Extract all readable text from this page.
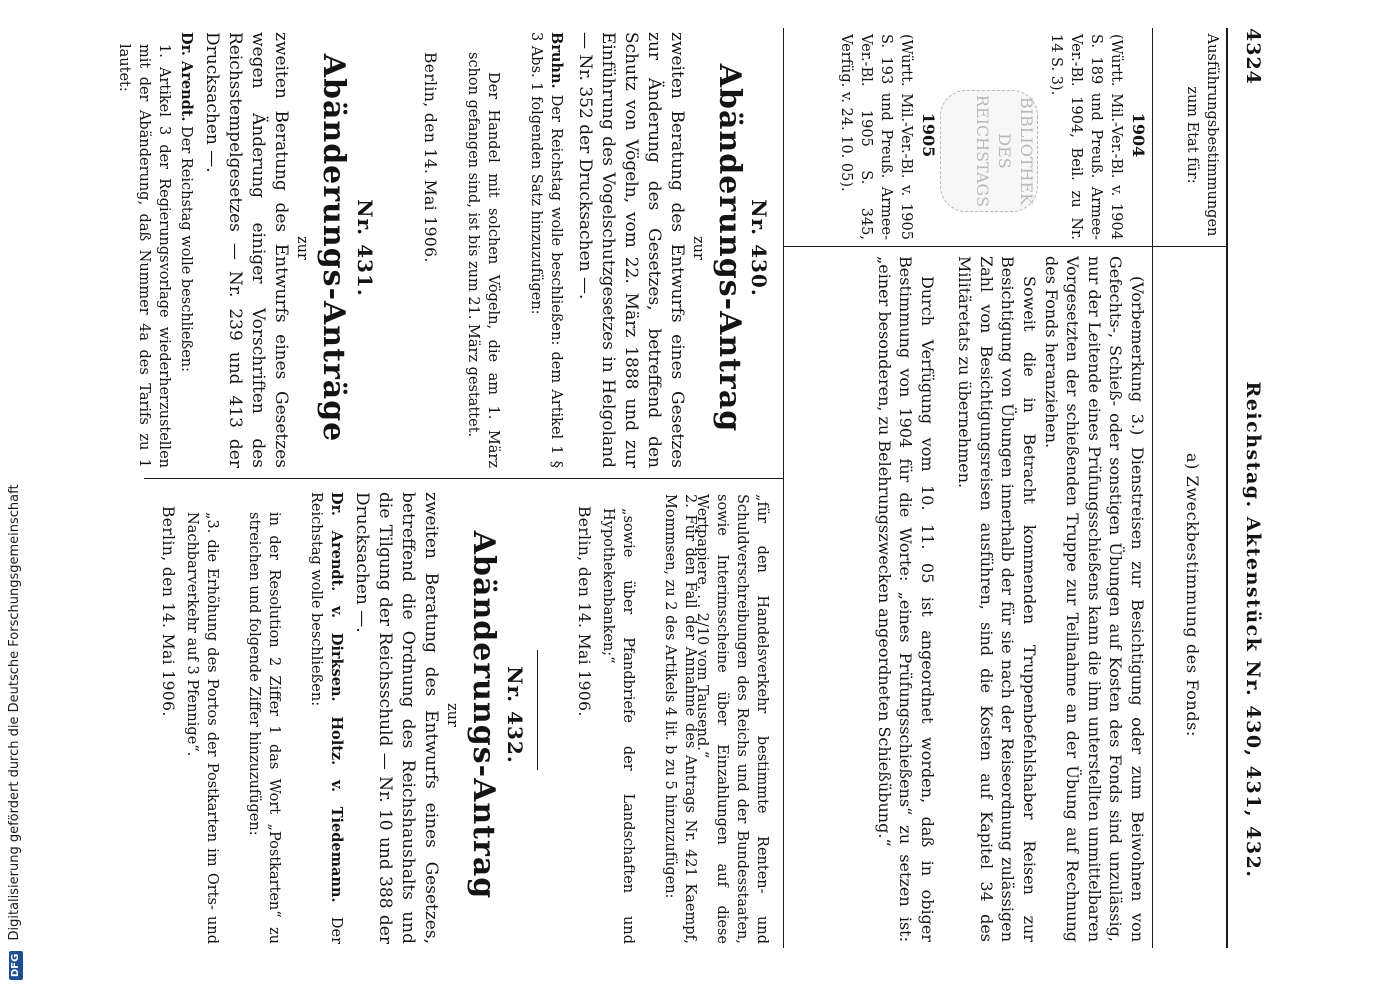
4324
Reichstag. Aktenstück Nr. 430, 431, 432.
Ausführungsbestimmungen zum Etat für:
a) Zweckbestimmung des Fonds:
1904
(Württ. Mil.-Ver.-Bl. v. 1904 S. 189 und Preuß. Armee-Ver.-Bl. 1904, Beil. zu Nr. 14 S. 3).
BIBLIOTHEK
DES
REICHSTAGS
1905
(Württ. Mil.-Ver.-Bl. v. 1905 S. 193 und Preuß. Armee-Ver.-Bl. 1905 S. 345, Verfüg. v. 24. 10. 05).

(Vorbemerkung 3.) Dienstreisen zur Besichtigung oder zum Beiwohnen von Gefechts-, Schieß- oder sonstigen Übungen auf Kosten des Fonds sind unzulässig, nur der Leitende eines Prüfungsschießens kann die ihm unterstellten unmittelbaren Vorgesetzten der schießenden Truppe zur Teilnahme an der Übung auf Rechnung des Fonds heranziehen.

Soweit die in Betracht kommenden Truppenbefehlshaber Reisen zur Besichtigung von Übungen innerhalb der für sie nach der Reiseordnung zulässigen Zahl von Besichtigungsreisen ausführen, sind die Kosten auf Kapitel 34 des Militäretats zu übernehmen.

Durch Verfügung vom 10. 11. 05 ist angeordnet worden, daß in obiger Bestimmung von 1904 für die Worte: „eines Prüfungsschießens“ zu setzen ist: „einer besonderen, zu Belehrungszwecken angeordneten Schießübung.“

Nr. 430.
Abänderungs-Antrag
zur

zweiten Beratung des Entwurfs eines Gesetzes zur Änderung des Gesetzes, betreffend den Schutz von Vögeln, vom 22. März 1888 und zur Einführung des Vogelschutzgesetzes in Helgoland — Nr. 352 der Drucksachen —.

Bruhn. Der Reichstag wolle beschließen: dem Artikel 1 § 3 Abs. 1 folgenden Satz hinzuzufügen:

Der Handel mit solchen Vögeln, die am 1. März schon gefangen sind, ist bis zum 21. März gestattet.

Berlin, den 14. Mai 1906.
Nr. 431.
Abänderungs-Anträge
zur

zweiten Beratung des Entwurfs eines Gesetzes wegen Änderung einiger Vorschriften des Reichsstempelgesetzes — Nr. 239 und 413 der Drucksachen —.

Dr. Arendt. Der Reichstag wolle beschließen:

1. Artikel 3 der Regierungsvorlage wiederherzustellen mit der Abänderung, daß Nummer 4a des Tarifs zu 1 lautet:

„für den Handelsverkehr bestimmte Renten- und Schuldverschreibungen des Reichs und der Bundesstaaten, sowie Interimsscheine über Einzahlungen auf diese Wertpapiere. . . 2/10 vom Tausend.“

2. Für den Fall der Annahme des Antrags Nr. 421 Kaempf, Mommsen, zu 2 des Artikels 4 lit. b zu 5 hinzuzufügen:

„sowie über Pfandbriefe der Landschaften und Hypothekenbanken;“

Berlin, den 14. Mai 1906.
Nr. 432.
Abänderungs-Antrag
zur

zweiten Beratung des Entwurfs eines Gesetzes, betreffend die Ordnung des Reichshaushalts und die Tilgung der Reichsschuld — Nr. 10 und 388 der Drucksachen —.

Dr. Arendt. v. Dirksen. Holtz. v. Tiedemann. Der Reichstag wolle beschließen:

in der Resolution 2 Ziffer 1 das Wort „Postkarten“ zu streichen und folgende Ziffer hinzuzufügen:

„3. die Erhöhung des Portos der Postkarten im Orts- und Nachbarverkehr auf 3 Pfennige“.

Berlin, den 14. Mai 1906.
DFG Digitalisierung gefördert durch die Deutsche Forschungsgemeinschaft
